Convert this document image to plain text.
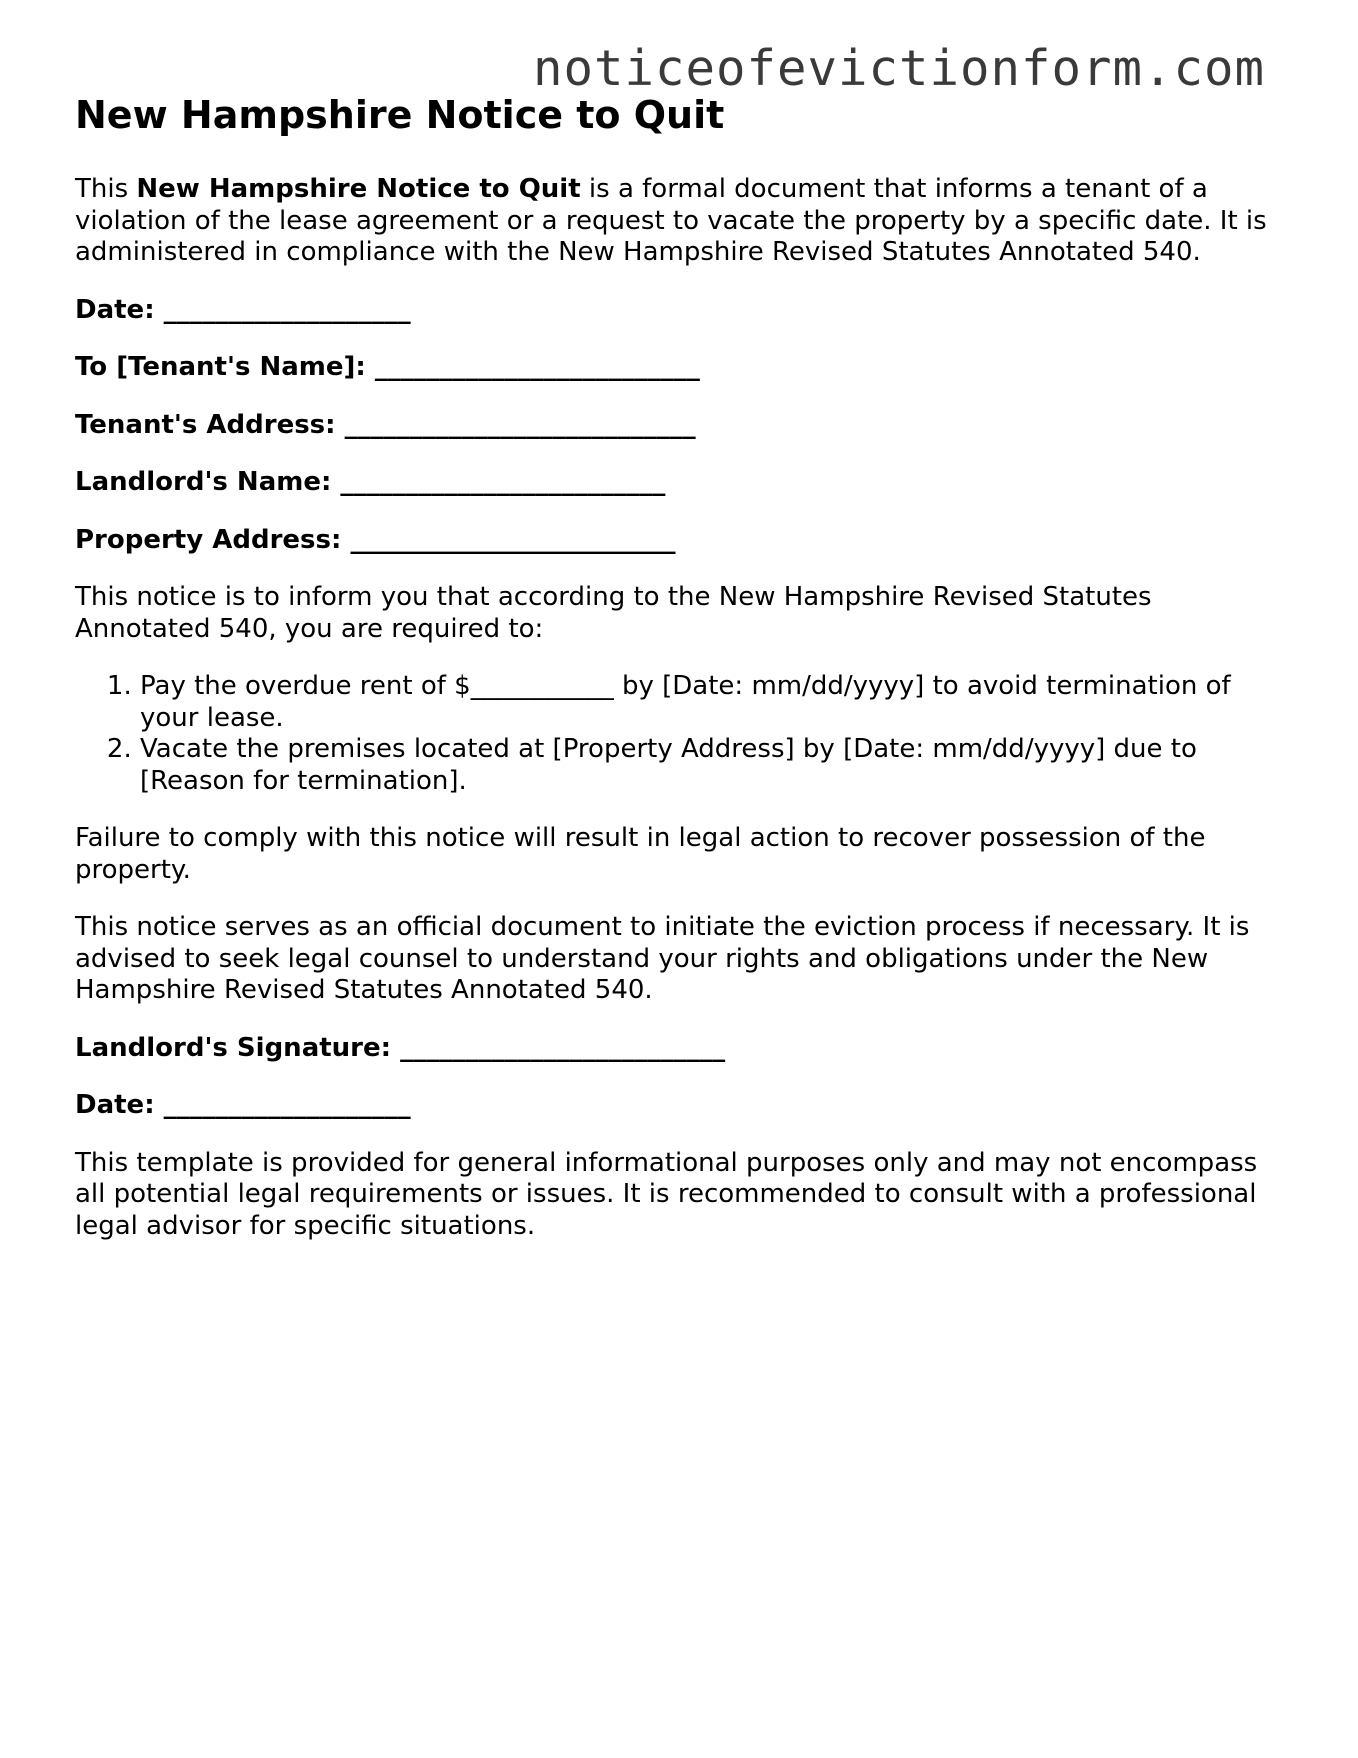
noticeofevictionform.com
New Hampshire Notice to Quit

This New Hampshire Notice to Quit is a formal document that informs a tenant of a violation of the lease agreement or a request to vacate the property by a specific date. It is administered in compliance with the New Hampshire Revised Statutes Annotated 540.

Date: ___________________

To [Tenant's Name]: _________________________

Tenant's Address: ___________________________

Landlord's Name: _________________________

Property Address: _________________________

This notice is to inform you that according to the New Hampshire Revised Statutes Annotated 540, you are required to:

1. Pay the overdue rent of $___________ by [Date: mm/dd/yyyy] to avoid termination of your lease.
2. Vacate the premises located at [Property Address] by [Date: mm/dd/yyyy] due to [Reason for termination].

Failure to comply with this notice will result in legal action to recover possession of the property.

This notice serves as an official document to initiate the eviction process if necessary. It is advised to seek legal counsel to understand your rights and obligations under the New Hampshire Revised Statutes Annotated 540.

Landlord's Signature: _________________________

Date: ___________________

This template is provided for general informational purposes only and may not encompass all potential legal requirements or issues. It is recommended to consult with a professional legal advisor for specific situations.
